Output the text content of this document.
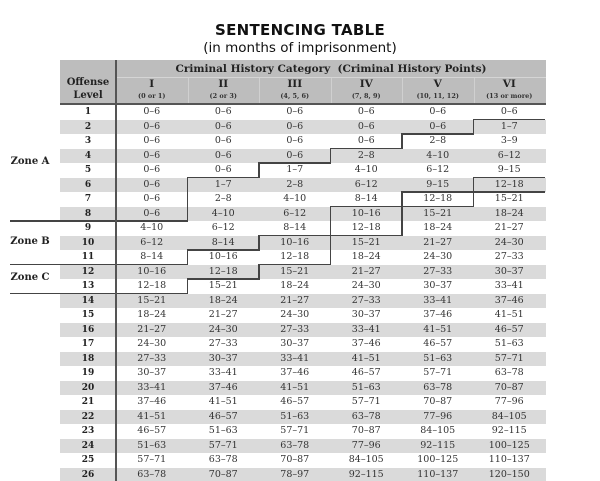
SENTENCING TABLE
(in months of imprisonment)
Offense
Level
Criminal History Category  (Criminal History Points)
I
(0 or 1)
II
(2 or 3)
III
(4, 5, 6)
IV
(7, 8, 9)
V
(10, 11, 12)
VI
(13 or more)
1	0–6	0–6	0–6	0–6	0–6	0–6
2	0–6	0–6	0–6	0–6	0–6	1–7
3	0–6	0–6	0–6	0–6	2–8	3–9
4	0–6	0–6	0–6	2–8	4–10	6–12
5	0–6	0–6	1–7	4–10	6–12	9–15
6	0–6	1–7	2–8	6–12	9–15	12–18
7	0–6	2–8	4–10	8–14	12–18	15–21
8	0–6	4–10	6–12	10–16	15–21	18–24
9	4–10	6–12	8–14	12–18	18–24	21–27
10	6–12	8–14	10–16	15–21	21–27	24–30
11	8–14	10–16	12–18	18–24	24–30	27–33
12	10–16	12–18	15–21	21–27	27–33	30–37
13	12–18	15–21	18–24	24–30	30–37	33–41
14	15–21	18–24	21–27	27–33	33–41	37–46
15	18–24	21–27	24–30	30–37	37–46	41–51
16	21–27	24–30	27–33	33–41	41–51	46–57
17	24–30	27–33	30–37	37–46	46–57	51–63
18	27–33	30–37	33–41	41–51	51–63	57–71
19	30–37	33–41	37–46	46–57	57–71	63–78
20	33–41	37–46	41–51	51–63	63–78	70–87
21	37–46	41–51	46–57	57–71	70–87	77–96
22	41–51	46–57	51–63	63–78	77–96	84–105
23	46–57	51–63	57–71	70–87	84–105	92–115
24	51–63	57–71	63–78	77–96	92–115	100–125
25	57–71	63–78	70–87	84–105	100–125	110–137
26	63–78	70–87	78–97	92–115	110–137	120–150
Zone A
Zone B
Zone C
